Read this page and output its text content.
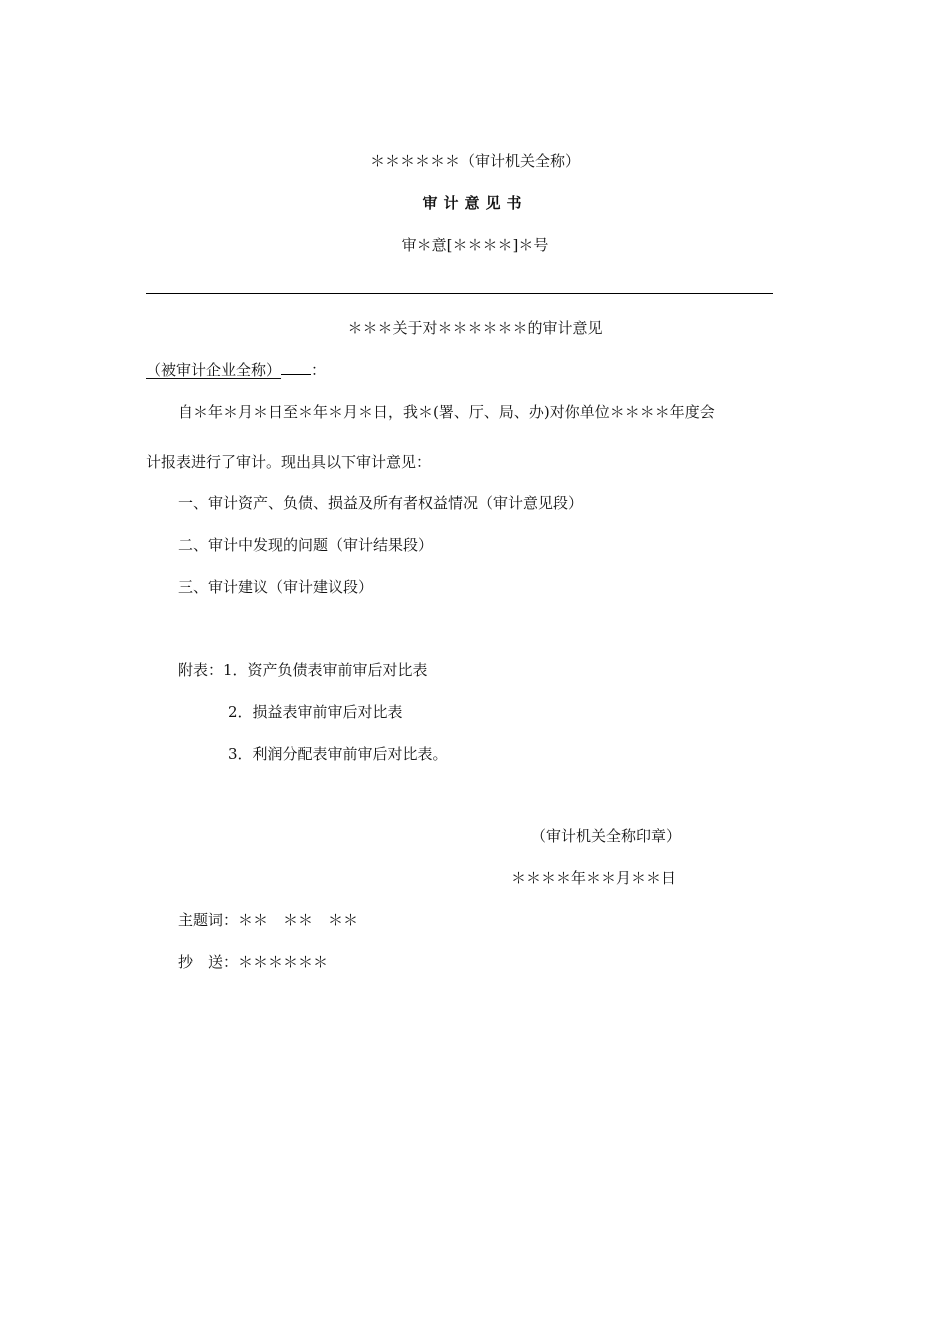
＊＊＊＊＊＊（审计机关全称）
审计意见书
审＊意[＊＊＊＊]＊号
＊＊＊关于对＊＊＊＊＊＊的审计意见
（被审计企业全称） ：
自＊年＊月＊日至＊年＊月＊日，我＊(署、厅、局、办)对你单位＊＊＊＊年度会
计报表进行了审计。现出具以下审计意见：
一、审计资产、负债、损益及所有者权益情况（审计意见段）
二、审计中发现的问题（审计结果段）
三、审计建议（审计建议段）
附表：1．资产负债表审前审后对比表
2．损益表审前审后对比表
3．利润分配表审前审后对比表。
（审计机关全称印章）
＊＊＊＊年＊＊月＊＊日
主题词：＊＊　＊＊　＊＊
抄　送：＊＊＊＊＊＊
